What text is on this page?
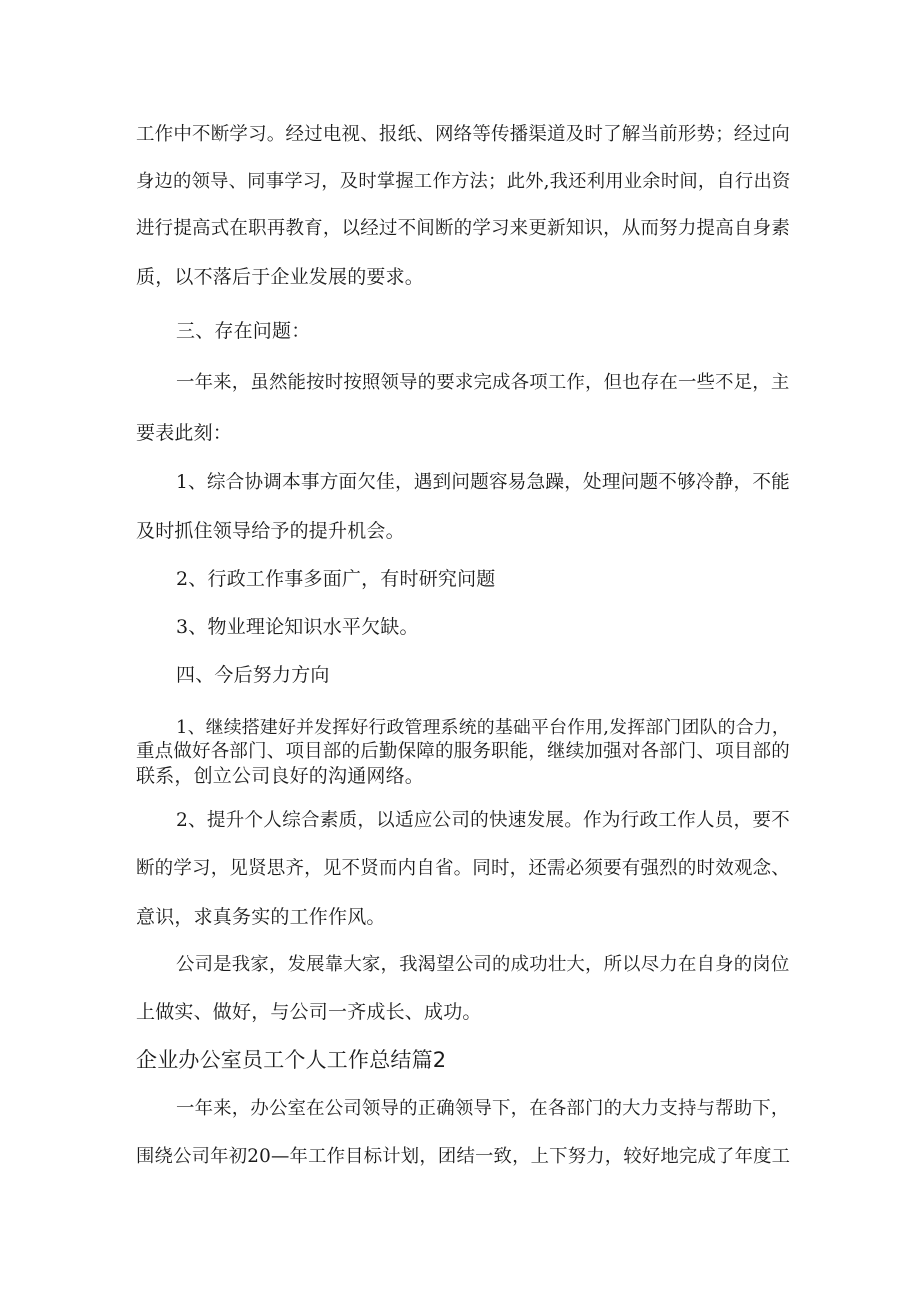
工作中不断学习。经过电视、报纸、网络等传播渠道及时了解当前形势；经过向
身边的领导、同事学习，及时掌握工作方法；此外,我还利用业余时间，自行出资
进行提高式在职再教育，以经过不间断的学习来更新知识，从而努力提高自身素
质，以不落后于企业发展的要求。
三、存在问题：
一年来，虽然能按时按照领导的要求完成各项工作，但也存在一些不足，主
要表此刻：
1、综合协调本事方面欠佳，遇到问题容易急躁，处理问题不够冷静，不能
及时抓住领导给予的提升机会。
2、行政工作事多面广，有时研究问题
3、物业理论知识水平欠缺。
四、今后努力方向
1、继续搭建好并发挥好行政管理系统的基础平台作用,发挥部门团队的合力，
重点做好各部门、项目部的后勤保障的服务职能，继续加强对各部门、项目部的
联系，创立公司良好的沟通网络。
2、提升个人综合素质，以适应公司的快速发展。作为行政工作人员，要不
断的学习，见贤思齐，见不贤而内自省。同时，还需必须要有强烈的时效观念、
意识，求真务实的工作作风。
公司是我家，发展靠大家，我渴望公司的成功壮大，所以尽力在自身的岗位
上做实、做好，与公司一齐成长、成功。
企业办公室员工个人工作总结篇2
一年来，办公室在公司领导的正确领导下，在各部门的大力支持与帮助下，
围绕公司年初20—年工作目标计划，团结一致，上下努力，较好地完成了年度工
